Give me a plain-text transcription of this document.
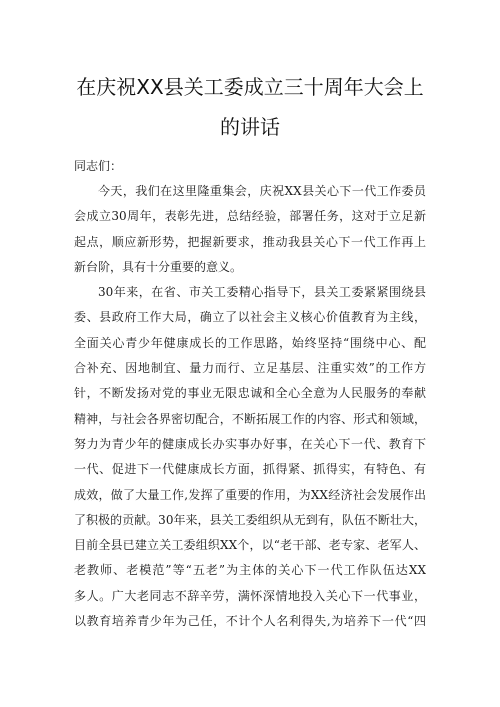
在庆祝XX县关工委成立三十周年大会上
的讲话

同志们：

今天，我们在这里隆重集会，庆祝XX县关心下一代工作委员
会成立30周年，表彰先进，总结经验，部署任务，这对于立足新
起点，顺应新形势，把握新要求，推动我县关心下一代工作再上
新台阶，具有十分重要的意义。
30年来，在省、市关工委精心指导下，县关工委紧紧围绕县
委、县政府工作大局，确立了以社会主义核心价值教育为主线，
全面关心青少年健康成长的工作思路，始终坚持“围绕中心、配
合补充、因地制宜、量力而行、立足基层、注重实效”的工作方
针，不断发扬对党的事业无限忠诚和全心全意为人民服务的奉献
精神，与社会各界密切配合，不断拓展工作的内容、形式和领域，
努力为青少年的健康成长办实事办好事，在关心下一代、教育下
一代、促进下一代健康成长方面，抓得紧、抓得实，有特色、有
成效，做了大量工作,发挥了重要的作用，为XX经济社会发展作出
了积极的贡献。30年来，县关工委组织从无到有，队伍不断壮大，
目前全县已建立关工委组织XX个，以“老干部、老专家、老军人、
老教师、老模范”等“五老”为主体的关心下一代工作队伍达XX
多人。广大老同志不辞辛劳，满怀深情地投入关心下一代事业，
以教育培养青少年为己任，不计个人名利得失,为培养下一代“四
